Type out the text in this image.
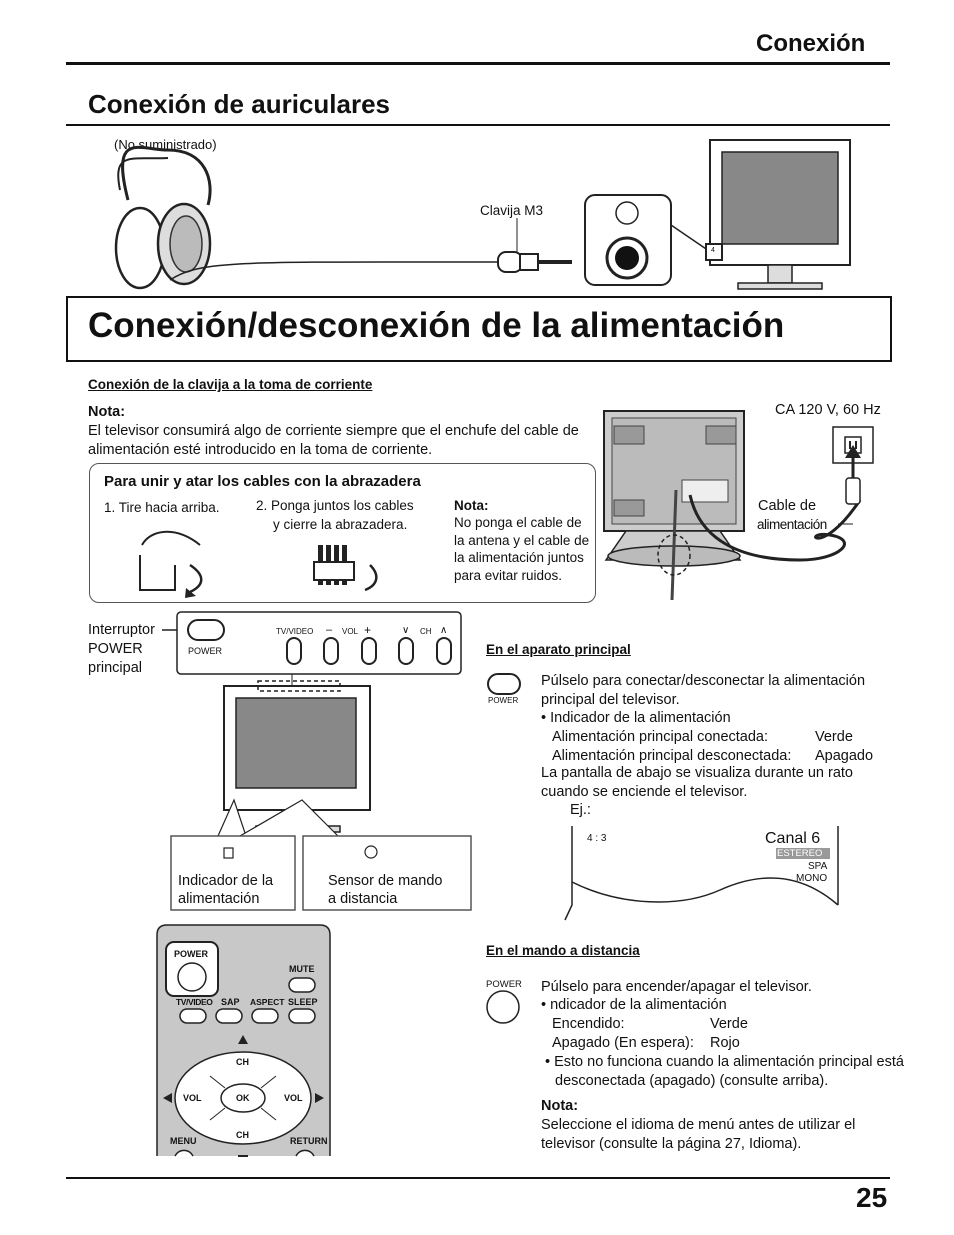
Conexión
Conexión de auriculares
(No suministrado)
Clavija M3
4
Conexión/desconexión de la alimentación
Conexión de la clavija a la toma de corriente
Nota:
El televisor consumirá algo de corriente siempre que el enchufe del cable de alimentación esté introducido en la toma de corriente.
CA 120 V, 60 Hz
Cable de
alimentación
Para unir y atar los cables con la abrazadera
1. Tire hacia arriba.	2. Ponga juntos los cables
y cierre la abrazadera.
Nota:
No ponga el cable de la antena y el cable de la alimentación juntos para evitar ruidos.
Interruptor
POWER
principal
POWER
TV/VIDEO – VOL +	∨ CH ∧
Indicador de la
alimentación
Sensor de mando
a distancia
En el aparato principal
POWER
Púlselo para conectar/desconectar la alimentación principal del televisor.
• Indicador de la alimentación
Alimentación principal conectada:	Verde
Alimentación principal desconectada: Apagado
La pantalla de abajo se visualiza durante un rato cuando se enciende el televisor.
Ej.:
4 : 3	Canal 6
ESTEREO
SPA
MONO
En el mando a distancia
POWER Púlselo para encender/apagar el televisor.
• ndicador de la alimentación
Encendido:	Verde
Apagado (En espera): Rojo
• Esto no funciona cuando la alimentación principal está desconectada (apagado) (consulte arriba).
Nota:
Seleccione el idioma de menú antes de utilizar el televisor (consulte la página 27, Idioma).
POWER
MUTE
TV/VIDEO SAP ASPECT SLEEP
CH
VOL	OK	VOL
CH
MENU	RETURN
25
